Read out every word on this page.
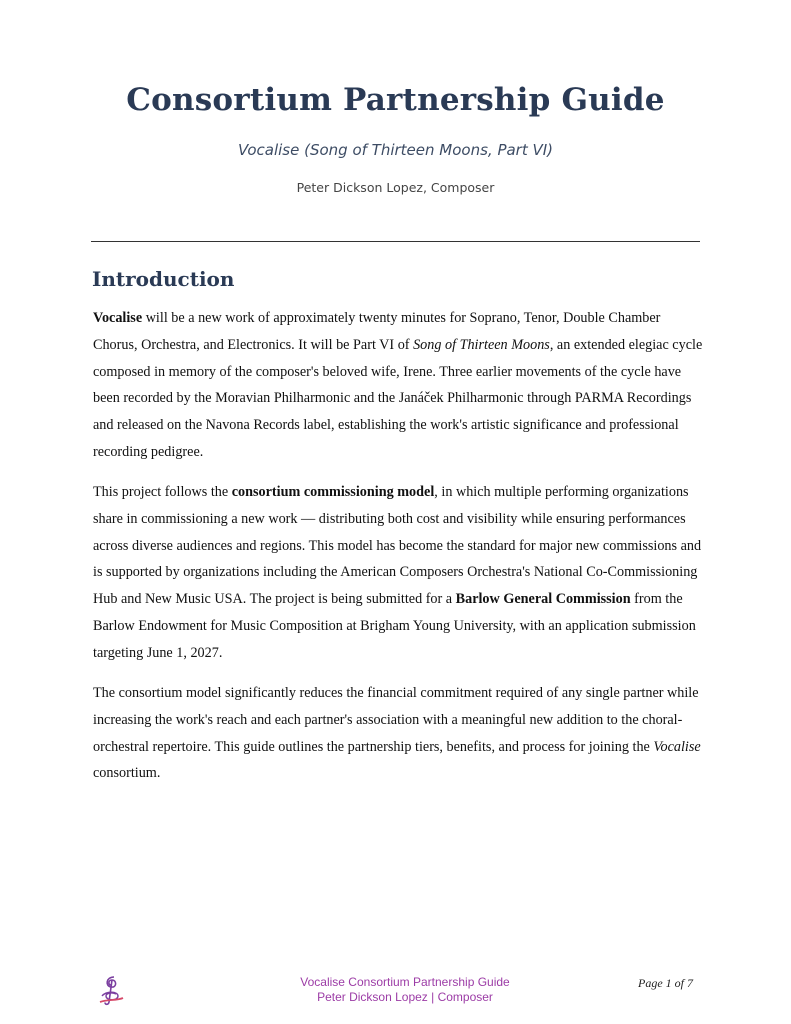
Consortium Partnership Guide
Vocalise (Song of Thirteen Moons, Part VI)
Peter Dickson Lopez, Composer
Introduction

Vocalise will be a new work of approximately twenty minutes for Soprano, Tenor, Double Chamber Chorus, Orchestra, and Electronics. It will be Part VI of Song of Thirteen Moons, an extended elegiac cycle composed in memory of the composer's beloved wife, Irene. Three earlier movements of the cycle have been recorded by the Moravian Philharmonic and the Janáček Philharmonic through PARMA Recordings and released on the Navona Records label, establishing the work's artistic significance and professional recording pedigree.

This project follows the consortium commissioning model, in which multiple performing organizations share in commissioning a new work — distributing both cost and visibility while ensuring performances across diverse audiences and regions. This model has become the standard for major new commissions and is supported by organizations including the American Composers Orchestra's National Co-Commissioning Hub and New Music USA. The project is being submitted for a Barlow General Commission from the Barlow Endowment for Music Composition at Brigham Young University, with an application submission targeting June 1, 2027.

The consortium model significantly reduces the financial commitment required of any single partner while increasing the work's reach and each partner's association with a meaningful new addition to the choral-orchestral repertoire. This guide outlines the partnership tiers, benefits, and process for joining the Vocalise consortium.

Vocalise Consortium Partnership Guide
Peter Dickson Lopez | Composer
Page 1 of 7
